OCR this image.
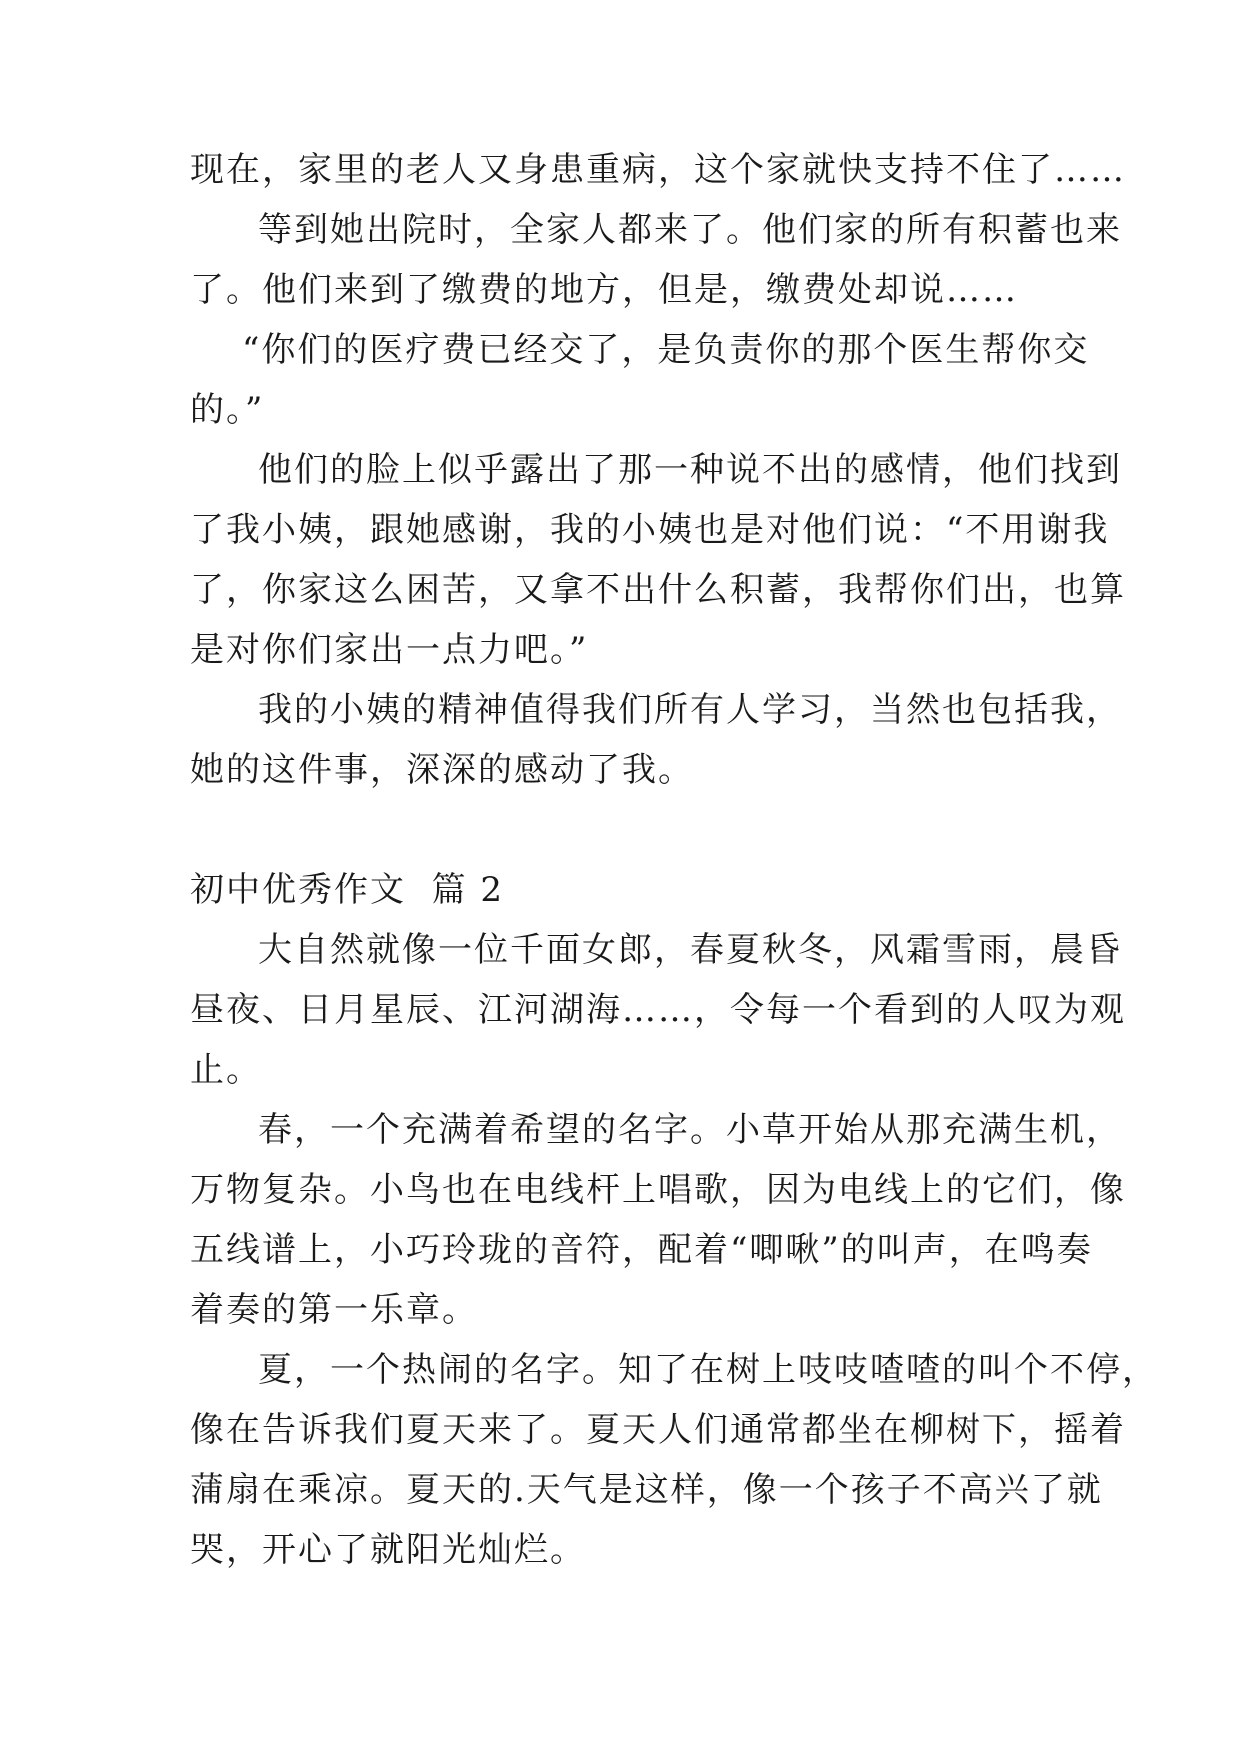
现在，家里的老人又身患重病，这个家就快支持不住了……
等到她出院时，全家人都来了。他们家的所有积蓄也来
了。他们来到了缴费的地方，但是，缴费处却说……
“你们的医疗费已经交了，是负责你的那个医生帮你交
的。”
他们的脸上似乎露出了那一种说不出的感情，他们找到
了我小姨，跟她感谢，我的小姨也是对他们说：“不用谢我
了，你家这么困苦，又拿不出什么积蓄，我帮你们出，也算
是对你们家出一点力吧。”
我的小姨的精神值得我们所有人学习，当然也包括我，
她的这件事，深深的感动了我。
初中优秀作文  篇 2
大自然就像一位千面女郎，春夏秋冬，风霜雪雨，晨昏
昼夜、日月星辰、江河湖海……，令每一个看到的人叹为观
止。
春，一个充满着希望的名字。小草开始从那充满生机，
万物复杂。小鸟也在电线杆上唱歌，因为电线上的它们，像
五线谱上，小巧玲珑的音符，配着“唧啾”的叫声，在鸣奏
着奏的第一乐章。
夏，一个热闹的名字。知了在树上吱吱喳喳的叫个不停，
像在告诉我们夏天来了。夏天人们通常都坐在柳树下，摇着
蒲扇在乘凉。夏天的.天气是这样，像一个孩子不高兴了就
哭，开心了就阳光灿烂。
